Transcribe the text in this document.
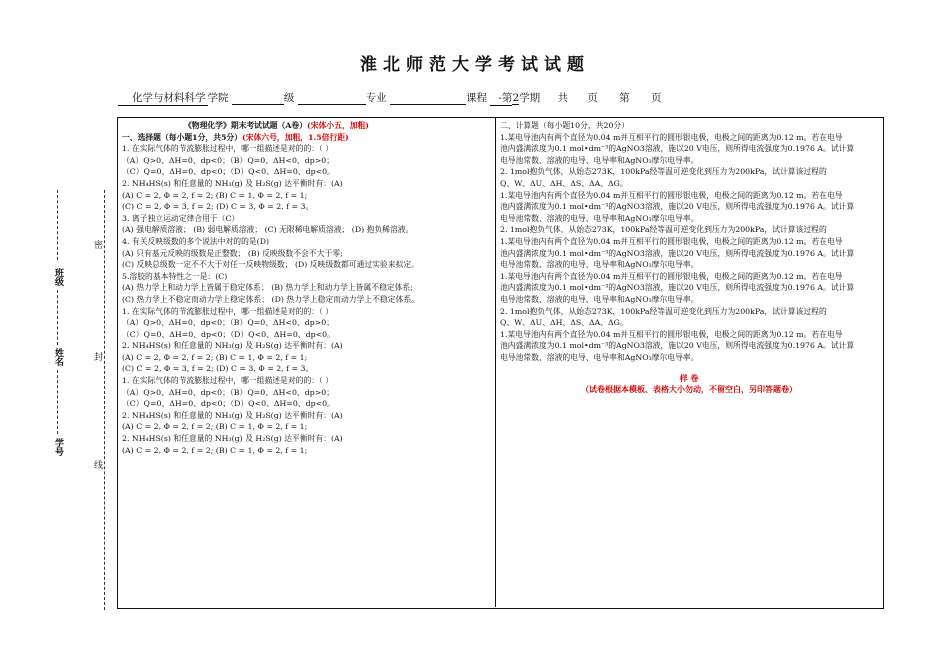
淮北师范大学考试试题
化学与材料科学 学院	级	专业	课程 -第2学期 共 页 第 页
班级
姓名
学号
密
封
线
《物理化学》期末考试试题（A卷）(宋体小五，加粗)
一、选择题（每小题1分，共5分）(宋体六号，加粗，1.5倍行距)
1. 在实际气体的节流膨胀过程中，哪一组描述是对的的：（ ）
（A）Q>0、ΔH=0、dp<0；（B）Q=0、ΔH<0、dp>0；
（C）Q=0、ΔH=0、dp<0；（D）Q<0、ΔH=0、dp<0。
2. NH₄HS(s) 和任意量的 NH₃(g) 及 H₂S(g) 达平衡时有：(A)
(A) C = 2, Φ = 2, f = 2; (B) C = 1, Φ = 2, f = 1;
(C) C = 2, Φ = 3, f = 2; (D) C = 3, Φ = 2, f = 3。
3. 离子独立运动定律合用于（C）
(A) 强电解质溶液； (B) 弱电解质溶液； (C) 无限稀电解质溶液； (D) 抱负稀溶液。
4. 有关反映级数的多个说法中对的的是(D)
(A) 只有基元反映的级数是正整数； (B) 反映级数不会不大于零;
(C) 反映总级数一定不不大于对任一反映物级数； (D) 反映级数都可通过实验来拟定。
5.溶胶的基本特性之一是：(C)
(A) 热力学上和动力学上皆属于稳定体系； (B) 热力学上和动力学上皆属不稳定体系;
(C) 热力学上不稳定而动力学上稳定体系； (D) 热力学上稳定而动力学上不稳定体系。
1. 在实际气体的节流膨胀过程中，哪一组描述是对的的：（ ）
（A）Q>0、ΔH=0、dp<0；（B）Q=0、ΔH<0、dp>0；
（C）Q=0、ΔH=0、dp<0；（D）Q<0、ΔH=0、dp<0。
2. NH₄HS(s) 和任意量的 NH₃(g) 及 H₂S(g) 达平衡时有：(A)
(A) C = 2, Φ = 2, f = 2; (B) C = 1, Φ = 2, f = 1;
(C) C = 2, Φ = 3, f = 2; (D) C = 3, Φ = 2, f = 3。
1. 在实际气体的节流膨胀过程中，哪一组描述是对的的：（ ）
（A）Q>0、ΔH=0、dp<0；（B）Q=0、ΔH<0、dp>0；
（C）Q=0、ΔH=0、dp<0；（D）Q<0、ΔH=0、dp<0。
2. NH₄HS(s) 和任意量的 NH₃(g) 及 H₂S(g) 达平衡时有：(A)
(A) C = 2, Φ = 2, f = 2; (B) C = 1, Φ = 2, f = 1;
2. NH₄HS(s) 和任意量的 NH₃(g) 及 H₂S(g) 达平衡时有：(A)
(A) C = 2, Φ = 2, f = 2; (B) C = 1, Φ = 2, f = 1;
二、计算题（每小题10分，共20分）
1.某电导池内有两个直径为0.04 m并互相平行的圆形银电极，电极之间的距离为0.12 m。若在电导
池内盛满浓度为0.1 mol•dm⁻³的AgNO3溶液，施以20 V电压，则所得电流强度为0.1976 A。试计算
电导池常数、溶液的电导、电导率和AgNO₃摩尔电导率。
2. 1mol抱负气体，从始态273K，100kPa经等温可逆变化到压力为200kPa，试计算该过程的
Q、W、ΔU、ΔH、ΔS、ΔA、ΔG。
1.某电导池内有两个直径为0.04 m并互相平行的圆形银电极，电极之间的距离为0.12 m。若在电导
池内盛满浓度为0.1 mol•dm⁻³的AgNO3溶液，施以20 V电压，则所得电流强度为0.1976 A。试计算
电导池常数、溶液的电导、电导率和AgNO₃摩尔电导率。
2. 1mol抱负气体，从始态273K，100kPa经等温可逆变化到压力为200kPa，试计算该过程的
1.某电导池内有两个直径为0.04 m并互相平行的圆形银电极，电极之间的距离为0.12 m。若在电导
池内盛满浓度为0.1 mol•dm⁻³的AgNO3溶液，施以20 V电压，则所得电流强度为0.1976 A。试计算
电导池常数、溶液的电导、电导率和AgNO₃摩尔电导率。
1.某电导池内有两个直径为0.04 m并互相平行的圆形银电极，电极之间的距离为0.12 m。若在电导
池内盛满浓度为0.1 mol•dm⁻³的AgNO3溶液，施以20 V电压，则所得电流强度为0.1976 A。试计算
电导池常数、溶液的电导、电导率和AgNO₃摩尔电导率。
2. 1mol抱负气体，从始态273K，100kPa经等温可逆变化到压力为200kPa，试计算该过程的
Q、W、ΔU、ΔH、ΔS、ΔA、ΔG。
1.某电导池内有两个直径为0.04 m并互相平行的圆形银电极，电极之间的距离为0.12 m。若在电导
池内盛满浓度为0.1 mol•dm⁻³的AgNO3溶液，施以20 V电压，则所得电流强度为0.1976 A。试计算
电导池常数、溶液的电导、电导率和AgNO₃摩尔电导率。
样 卷
（试卷根据本模板、表格大小勿动，不留空白，另印答题卷）
